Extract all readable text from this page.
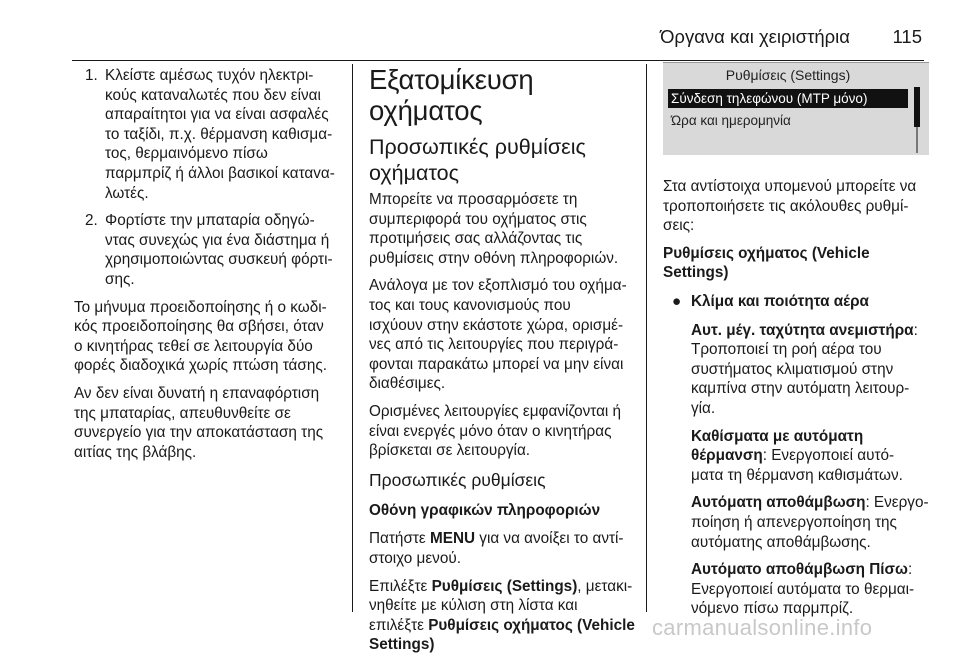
Όργανα και χειριστήρια 115
1. Κλείστε αμέσως τυχόν ηλεκτρι-
κούς καταναλωτές που δεν είναι
απαραίτητοι για να είναι ασφαλές
το ταξίδι, π.χ. θέρμανση καθισμα-
τος, θερμαινόμενο πίσω
παρμπρίζ ή άλλοι βασικοί καταvα-
λωτές.
2. Φορτίστε την μπαταρία οδηγώ-
ντας συνεχώς για ένα διάστημα ή
χρησιμοποιώντας συσκευή φόρτι-
σης.

Το μήνυμα προειδοποίησης ή ο κωδι-
κός προειδοποίησης θα σβήσει, όταν
ο κινητήρας τεθεί σε λειτουργία δύο
φορές διαδοχικά χωρίς πτώση τάσης.

Αν δεν είναι δυνατή η επαναφόρτιση
της μπαταρίας, απευθυνθείτε σε
συνεργείο για την αποκατάσταση της
αιτίας της βλάβης.

Εξατομίκευση οχήματος
Προσωπικές ρυθμίσεις
οχήματος

Μπορείτε να προσαρμόσετε τη
συμπεριφορά του οχήματος στις
προτιμήσεις σας αλλάζοντας τις
ρυθμίσεις στην οθόνη πληροφοριών.

Ανάλογα με τον εξοπλισμό του οχήμα-
τος και τους κανονισμούς που
ισχύουν στην εκάστοτε χώρα, ορισμέ-
νες από τις λειτουργίες που περιγρά-
φονται παρακάτω μπορεί να μην είναι
διαθέσιμες.

Ορισμένες λειτουργίες εμφανίζονται ή
είναι ενεργές μόνο όταν ο κινητήρας
βρίσκεται σε λειτουργία.

Προσωπικές ρυθμίσεις
Οθόνη γραφικών πληροφοριών

Πατήστε MENU για να ανοίξει το αντί-
στοιχο μενού.

Επιλέξτε Ρυθμίσεις (Settings), μετακι-
νηθείτε με κύλιση στη λίστα και
επιλέξτε Ρυθμίσεις οχήματος (Vehicle
Settings)

Ρυθμίσεις (Settings)
Σύνδεση τηλεφώνου (MTP μόνο)
Ώρα και ημερομηνία

Στα αντίστοιχα υπομενού μπορείτε να
τροποποιήσετε τις ακόλουθες ρυθμί-
σεις:

Ρυθμίσεις οχήματος (Vehicle
Settings)
● Κλίμα και ποιότητα αέρα

Αυτ. μέγ. ταχύτητα ανεμιστήρα:
Τροποποιεί τη ροή αέρα του
συστήματος κλιματισμού στην
καμπίνα στην αυτόματη λειτουρ-
γία.

Καθίσματα με αυτόματη
θέρμανση: Ενεργοποιεί αυτό-
ματα τη θέρμανση καθισμάτων.

Αυτόματη αποθάμβωση: Ενεργο-
ποίηση ή απενεργοποίηση της
αυτόματης αποθάμβωσης.

Αυτόματο αποθάμβωση Πίσω:
Ενεργοποιεί αυτόματα το θερμαι-
νόμενο πίσω παρμπρίζ.

carmanualsonline.info
